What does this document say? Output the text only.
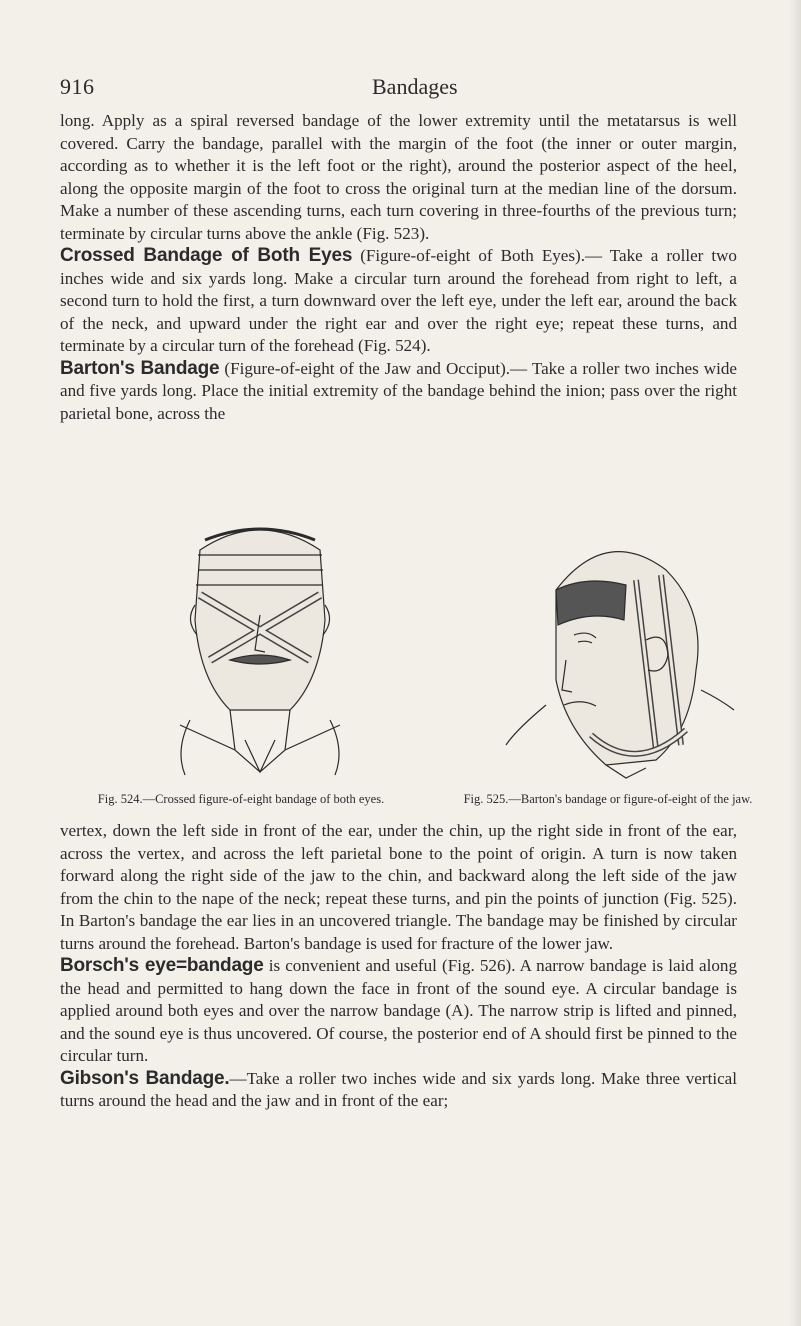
916	Bandages

long. Apply as a spiral reversed bandage of the lower extremity until the metatarsus is well covered. Carry the bandage, parallel with the margin of the foot (the inner or outer margin, according as to whether it is the left foot or the right), around the posterior aspect of the heel, along the opposite margin of the foot to cross the original turn at the median line of the dorsum. Make a number of these ascending turns, each turn covering in three-fourths of the previous turn; terminate by circular turns above the ankle (Fig. 523).

Crossed Bandage of Both Eyes (Figure-of-eight of Both Eyes).— Take a roller two inches wide and six yards long. Make a circular turn around the forehead from right to left, a second turn to hold the first, a turn downward over the left eye, under the left ear, around the back of the neck, and upward under the right ear and over the right eye; repeat these turns, and terminate by a circular turn of the forehead (Fig. 524).

Barton's Bandage (Figure-of-eight of the Jaw and Occiput).— Take a roller two inches wide and five yards long. Place the initial extremity of the bandage behind the inion; pass over the right parietal bone, across the

Fig. 524.—Crossed figure-of-eight bandage of both eyes.	Fig. 525.—Barton's bandage or figure-of-eight of the jaw.

vertex, down the left side in front of the ear, under the chin, up the right side in front of the ear, across the vertex, and across the left parietal bone to the point of origin. A turn is now taken forward along the right side of the jaw to the chin, and backward along the left side of the jaw from the chin to the nape of the neck; repeat these turns, and pin the points of junction (Fig. 525). In Barton's bandage the ear lies in an uncovered triangle. The bandage may be finished by circular turns around the forehead. Barton's bandage is used for fracture of the lower jaw.

Borsch's eye=bandage is convenient and useful (Fig. 526). A narrow bandage is laid along the head and permitted to hang down the face in front of the sound eye. A circular bandage is applied around both eyes and over the narrow bandage (A). The narrow strip is lifted and pinned, and the sound eye is thus uncovered. Of course, the posterior end of A should first be pinned to the circular turn.

Gibson's Bandage.—Take a roller two inches wide and six yards long. Make three vertical turns around the head and the jaw and in front of the ear;
